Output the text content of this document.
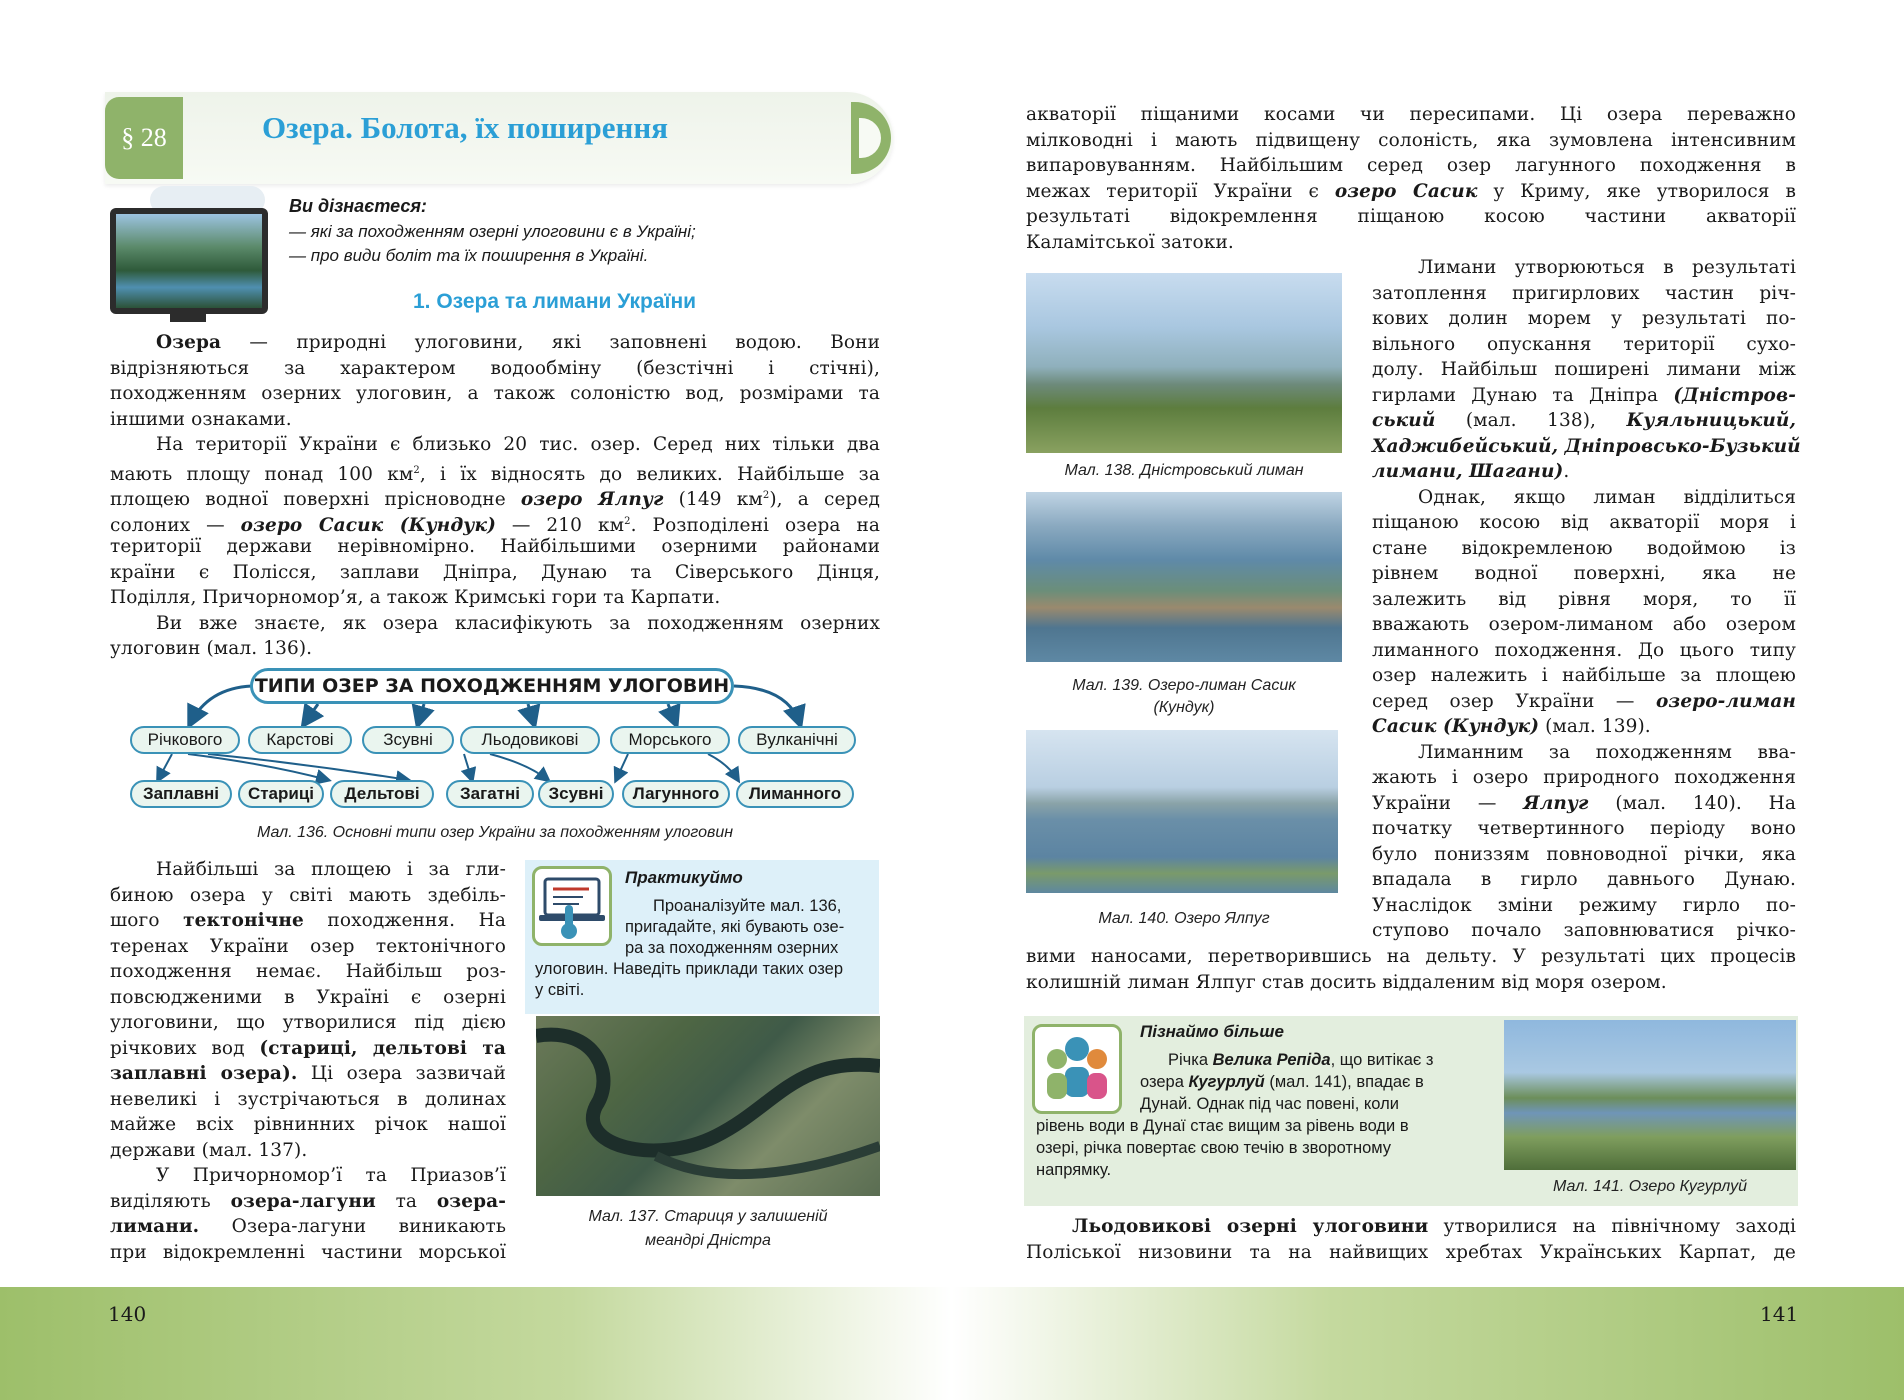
§ 28	Озера. Болота, їх поширення
Ви дізнаєтеся:
— які за походженням озерні улоговини є в Україні;
— про види боліт та їх поширення в Україні.
1. Озера та лимани України
Озера — природні улоговини, які заповнені водою. Вони
відрізняються за характером водообміну (безстічні і стічні),
походженням озерних улоговин, а також солоністю вод, розмірами та
іншими ознаками.
На території України є близько 20 тис. озер. Серед них тільки два
мають площу понад 100 $км^2$, і їх відносять до великих. Найбільше за
площею водної поверхні прісноводне озеро Ялпуг (149 $км^2$), а серед
солоних — озеро Сасик (Кундук) — 210 $км^2$. Розподілені озера на
території держави нерівномірно. Найбільшими озерними районами
країни є Полісся, заплави Дніпра, Дунаю та Сіверського Дінця,
Поділля, Причорномор’я, а також Кримські гори та Карпати.
Ви вже знаєте, як озера класифікують за походженням озерних
улоговин (мал. 136).
ТИПИ ОЗЕР ЗА ПОХОДЖЕННЯМ УЛОГОВИН
Річкового	Карстові	Зсувні	Льодовикові	Морського	Вулканічні
Заплавні	Стариці	Дельтові	Загатні	Зсувні	Лагунного	Лиманного
Мал. 136. Основні типи озер України за походженням улоговин
Найбільші за площею і за гли-
биною озера у світі мають здебіль-
шого тектонічне походження. На
теренах України озер тектонічного
походження немає. Найбільш роз-
повсюдженими в Україні є озерні
улоговини, що утворилися під дією
річкових вод (стариці, дельтові та
заплавні озера). Ці озера зазвичай
невеликі і зустрічаються в долинах
майже всіх рівнинних річок нашої
держави (мал. 137).
У Причорномор’ї та Приазов’ї
виділяють озера-лагуни та озера-
лимани. Озера-лагуни виникають
при відокремленні частини морської
Практикуймо
Проаналізуйте мал. 136,
пригадайте, які бувають озе-
ра за походженням озерних
улоговин. Наведіть приклади таких озер
у світі.
Мал. 137. Стариця у залишеній
меандрі Дністра
акваторії піщаними косами чи пересипами. Ці озера переважно
мілководні і мають підвищену солоність, яка зумовлена інтенсивним
випаровуванням. Найбільшим серед озер лагунного походження в
межах території України є озеро Сасик у Криму, яке утворилося в
результаті відокремлення піщаною косою частини акваторії
Каламітської затоки.
Мал. 138. Дністровський лиман
Мал. 139. Озеро-лиман Сасик
(Кундук)
Мал. 140. Озеро Ялпуг
Лимани утворюються в результаті
затоплення пригирлових частин річ-
кових долин морем у результаті по-
вільного опускання території сухо-
долу. Найбільш поширені лимани між
гирлами Дунаю та Дніпра (Дністров-
ський (мал. 138), Куяльницький,
Хаджибейський, Дніпровсько-Бузький
лимани, Шагани).
Однак, якщо лиман відділиться
піщаною косою від акваторії моря і
стане відокремленою водоймою із
рівнем водної поверхні, яка не
залежить від рівня моря, то її
вважають озером-лиманом або озером
лиманного походження. До цього типу
озер належить і найбільше за площею
серед озер України — озеро-лиман
Сасик (Кундук) (мал. 139).
Лиманним за походженням вва-
жають і озеро природного походження
України — Ялпуг (мал. 140). На
початку четвертинного періоду воно
було пониззям повноводної річки, яка
впадала в гирло давнього Дунаю.
Унаслідок зміни режиму гирло по-
ступово почало заповнюватися річко-
вими наносами, перетворившись на дельту. У результаті цих процесів
колишній лиман Ялпуг став досить віддаленим від моря озером.
Пізнаймо більше
Річка Велика Репіда, що витікає з
озера Кугурлуй (мал. 141), впадає в
Дунай. Однак під час повені, коли
рівень води в Дунаї стає вищим за рівень води в
озері, річка повертає свою течію в зворотному
напрямку.
Мал. 141. Озеро Кугурлуй
Льодовикові озерні улоговини утворилися на північному заході
Поліської низовини та на найвищих хребтах Українських Карпат, де
140	141
